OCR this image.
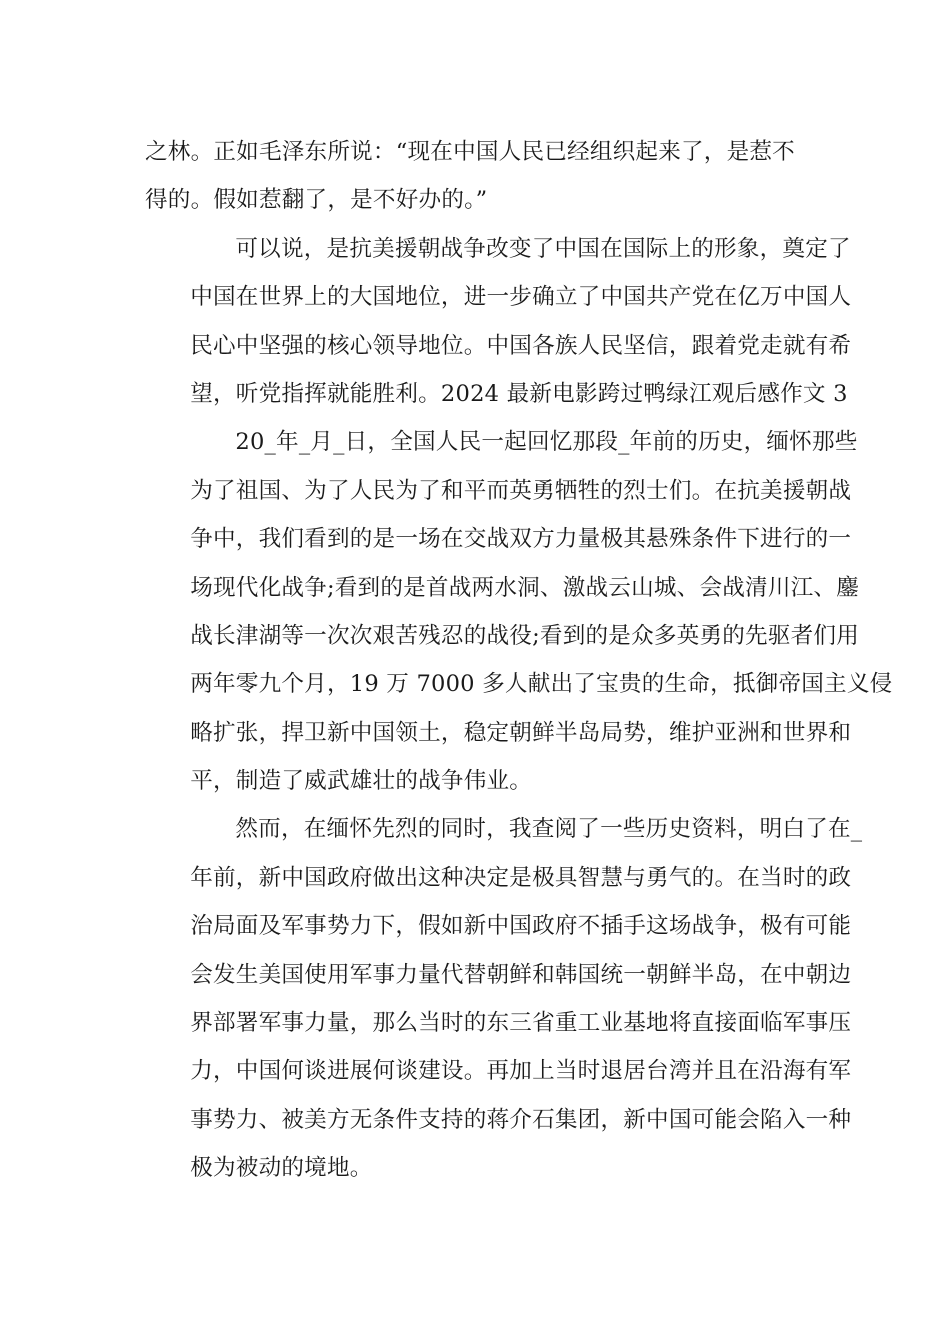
之林。正如毛泽东所说：“现在中国人民已经组织起来了，是惹不
得的。假如惹翻了，是不好办的。”
可以说，是抗美援朝战争改变了中国在国际上的形象，奠定了
中国在世界上的大国地位，进一步确立了中国共产党在亿万中国人
民心中坚强的核心领导地位。中国各族人民坚信，跟着党走就有希
望，听党指挥就能胜利。2024 最新电影跨过鸭绿江观后感作文 3
20_年_月_日，全国人民一起回忆那段_年前的历史，缅怀那些
为了祖国、为了人民为了和平而英勇牺牲的烈士们。在抗美援朝战
争中，我们看到的是一场在交战双方力量极其悬殊条件下进行的一
场现代化战争;看到的是首战两水洞、激战云山城、会战清川江、鏖
战长津湖等一次次艰苦残忍的战役;看到的是众多英勇的先驱者们用
两年零九个月，19 万 7000 多人献出了宝贵的生命，抵御帝国主义侵
略扩张，捍卫新中国领土，稳定朝鲜半岛局势，维护亚洲和世界和
平，制造了威武雄壮的战争伟业。
然而，在缅怀先烈的同时，我查阅了一些历史资料，明白了在_
年前，新中国政府做出这种决定是极具智慧与勇气的。在当时的政
治局面及军事势力下，假如新中国政府不插手这场战争，极有可能
会发生美国使用军事力量代替朝鲜和韩国统一朝鲜半岛，在中朝边
界部署军事力量，那么当时的东三省重工业基地将直接面临军事压
力，中国何谈进展何谈建设。再加上当时退居台湾并且在沿海有军
事势力、被美方无条件支持的蒋介石集团，新中国可能会陷入一种
极为被动的境地。
